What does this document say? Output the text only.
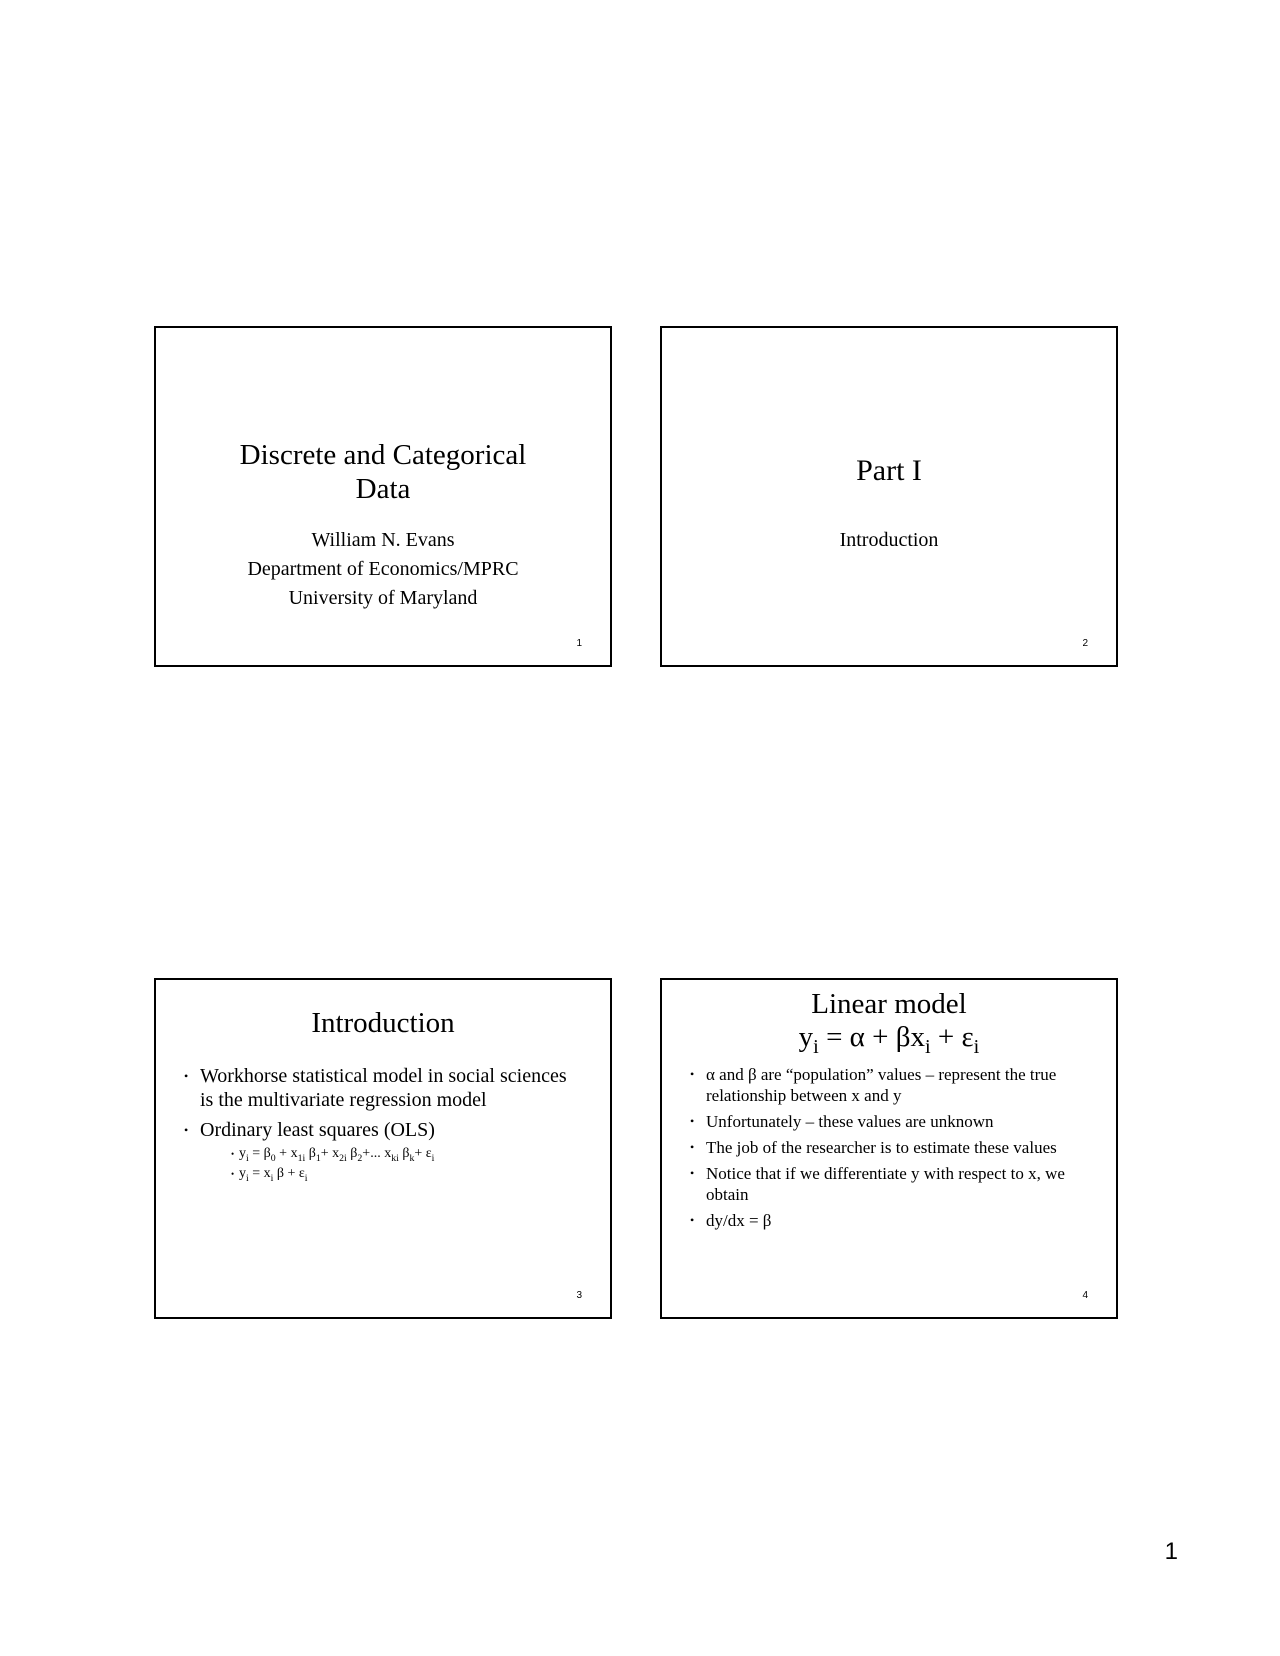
Discrete and Categorical
Data
William N. Evans
Department of Economics/MPRC
University of Maryland
1
Part I
Introduction
2
Introduction
• Workhorse statistical model in social sciences is the multivariate regression model
• Ordinary least squares (OLS)
• $y_i = \beta_0 + x_{1i}$ $\beta_1+ x_{2i}$ $\beta_2+$... $x_{ki}$ $\beta_k+ \varepsilon_i$
• $y_i = x_i$ $\beta + \varepsilon_i$
3
Linear model
$y_i = \alpha + \beta x_i + \varepsilon_i$
• α and β are “population” values – represent the true relationship between x and y
• Unfortunately – these values are unknown
• The job of the researcher is to estimate these values
• Notice that if we differentiate y with respect to x, we obtain
• dy/dx = β
4
1
